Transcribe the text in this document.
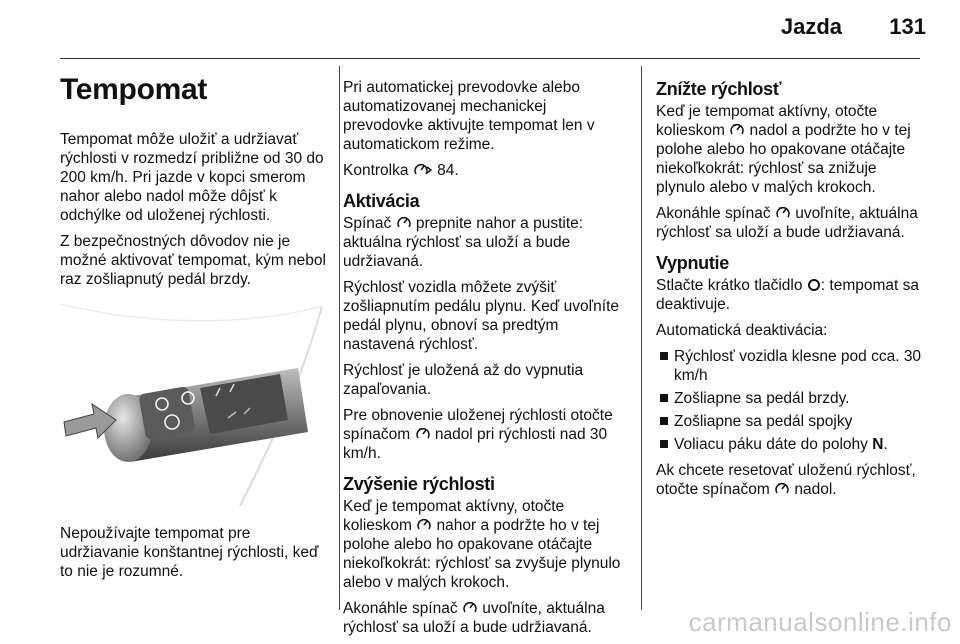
Jazda 131
Tempomat

Tempomat môže uložiť a udržiavať rýchlosti v rozmedzí približne od 30 do 200 km/h. Pri jazde v kopci smerom nahor alebo nadol môže dôjsť k odchýlke od uloženej rýchlosti.

Z bezpečnostných dôvodov nie je možné aktivovať tempomat, kým nebol raz zošliapnutý pedál brzdy.

Nepoužívajte tempomat pre udržiavanie konštantnej rýchlosti, keď to nie je rozumné.

Pri automatickej prevodovke alebo automatizovanej mechanickej prevodovke aktivujte tempomat len v automatickom režime.

Kontrolka 84.

Aktivácia

Spínač prepnite nahor a pustite: aktuálna rýchlosť sa uloží a bude udržiavaná.

Rýchlosť vozidla môžete zvýšiť zošliapnutím pedálu plynu. Keď uvoľníte pedál plynu, obnoví sa predtým nastavená rýchlosť.

Rýchlosť je uložená až do vypnutia zapaľovania.

Pre obnovenie uloženej rýchlosti otočte spínačom nadol pri rýchlosti nad 30 km/h.

Zvýšenie rýchlosti

Keď je tempomat aktívny, otočte kolieskom nahor a podržte ho v tej polohe alebo ho opakovane otáčajte niekoľkokrát: rýchlosť sa zvyšuje plynulo alebo v malých krokoch.

Akonáhle spínač uvoľníte, aktuálna rýchlosť sa uloží a bude udržiavaná.

Znížte rýchlosť

Keď je tempomat aktívny, otočte kolieskom nadol a podržte ho v tej polohe alebo ho opakovane otáčajte niekoľkokrát: rýchlosť sa znižuje plynulo alebo v malých krokoch.

Akonáhle spínač uvoľníte, aktuálna rýchlosť sa uloží a bude udržiavaná.

Vypnutie

Stlačte krátko tlačidlo : tempomat sa deaktivuje.

Automatická deaktivácia:

Rýchlosť vozidla klesne pod cca. 30 km/h
Zošliapne sa pedál brzdy.
Zošliapne sa pedál spojky
Voliacu páku dáte do polohy N.

Ak chcete resetovať uloženú rýchlosť, otočte spínačom nadol.

carmanualsonline.info
